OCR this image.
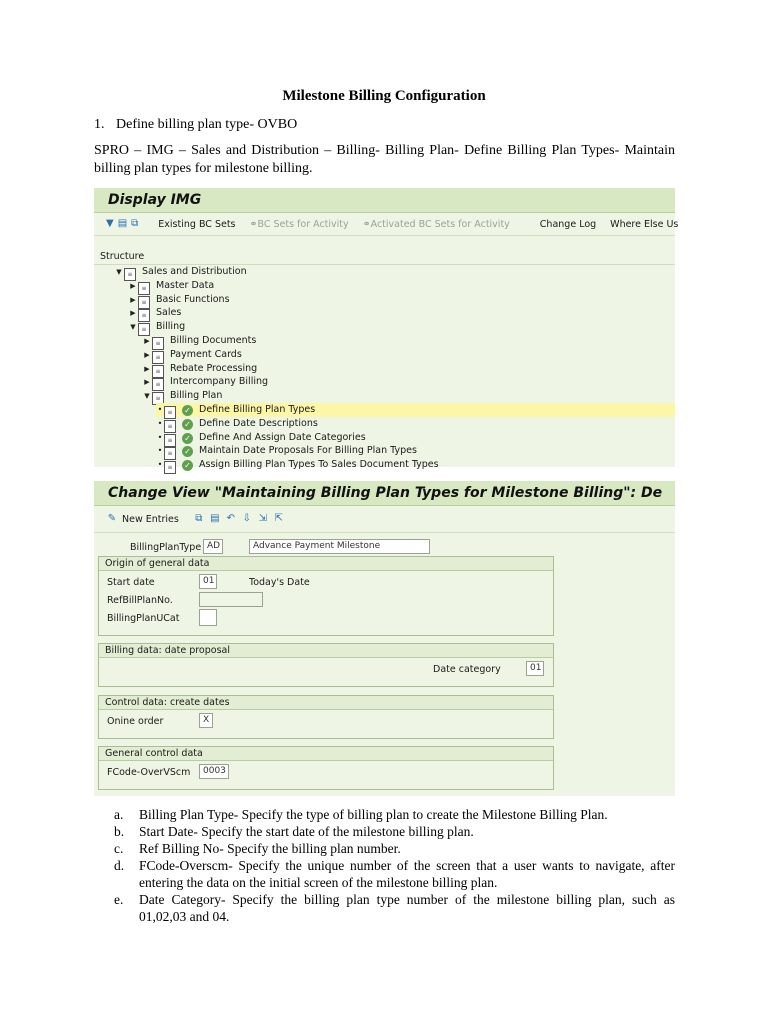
Milestone Billing Configuration
1. Define billing plan type- OVBO
SPRO – IMG – Sales and Distribution – Billing- Billing Plan- Define Billing Plan Types- Maintain billing plan types for milestone billing.
Display IMG
▼ ▤ ⧉ Existing BC Sets ⚭BC Sets for Activity ⚭Activated BC Sets for Activity	Change Log Where Else Us
Structure
▼ ≡ Sales and Distribution
▶ ≡ Master Data
▶ ≡ Basic Functions
▶ ≡ Sales
▼ ≡ Billing
▶ ≡ Billing Documents
▶ ≡ Payment Cards
▶ ≡ Rebate Processing
▶ ≡ Intercompany Billing
▼ ≡ Billing Plan
• ≡ ✓ Define Billing Plan Types
• ≡ ✓ Define Date Descriptions
• ≡ ✓ Define And Assign Date Categories
• ≡ ✓ Maintain Date Proposals For Billing Plan Types
• ≡ ✓ Assign Billing Plan Types To Sales Document Types
Change View "Maintaining Billing Plan Types for Milestone Billing": De
✎ New Entries ⧉ ▤ ↶ ⇩ ⇲ ⇱
BillingPlanType AD	Advance Payment Milestone
Origin of general data
Start date	01	Today's Date
RefBillPlanNo.
BillingPlanUCat
Billing data: date proposal
Date category	01
Control data: create dates
Onine order	X
General control data
FCode-OverVScm	0003
a.	Billing Plan Type- Specify the type of billing plan to create the Milestone Billing Plan.
b.	Start Date- Specify the start date of the milestone billing plan.
c.	Ref Billing No- Specify the billing plan number.
d.	FCode-Overscm- Specify the unique number of the screen that a user wants to navigate, after entering the data on the initial screen of the milestone billing plan.
e.	Date Category- Specify the billing plan type number of the milestone billing plan, such as 01,02,03 and 04.
